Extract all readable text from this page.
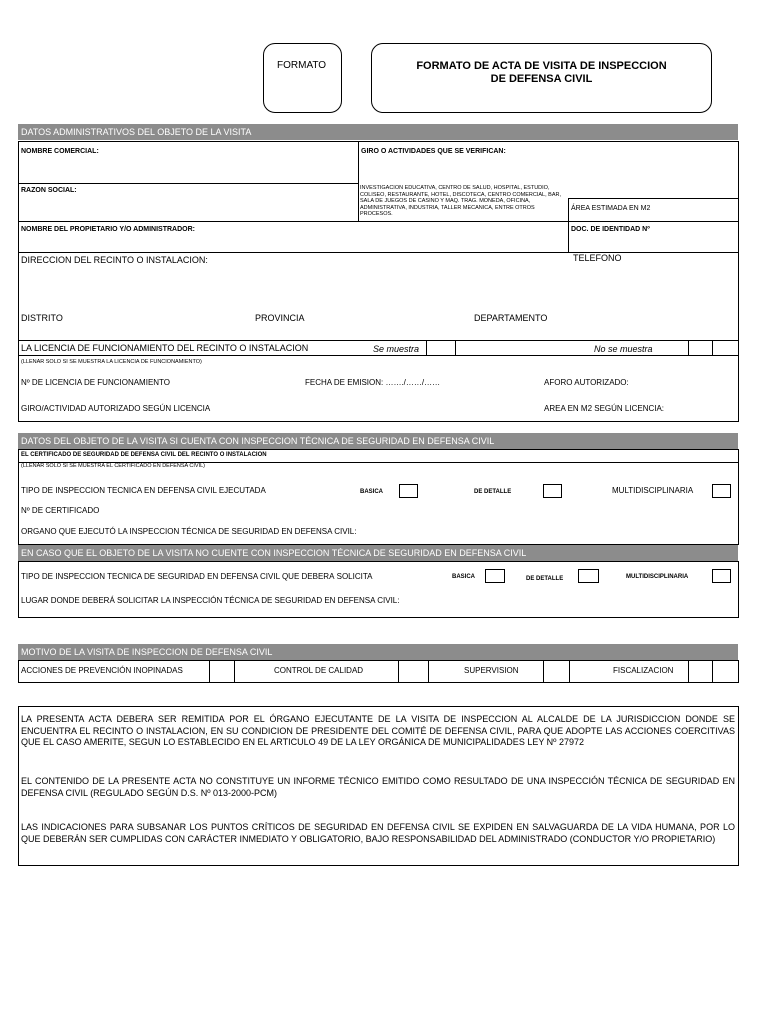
FORMATO	FORMATO DE ACTA DE VISITA DE INSPECCION
DE DEFENSA CIVIL
DATOS ADMINISTRATIVOS DEL OBJETO DE LA VISITA
NOMBRE COMERCIAL:	GIRO O ACTIVIDADES QUE SE VERIFICAN:
RAZON SOCIAL:	INVESTIGACION EDUCATIVA, CENTRO DE SALUD, HOSPITAL, ESTUDIO, COLISEO, RESTAURANTE, HOTEL, DISCOTECA, CENTRO COMERCIAL, BAR, SALA DE JUEGOS DE CASINO Y MAQ. TRAG. MONEDA, OFICINA, ADMINISTRATIVA, INDUSTRIA, TALLER MECANICA, ENTRE OTROS PROCESOS.
ÁREA ESTIMADA EN M2
NOMBRE DEL PROPIETARIO Y/O ADMINISTRADOR:	DOC. DE IDENTIDAD Nº
DIRECCION DEL RECINTO O INSTALACION:	TELEFONO
DISTRITO	PROVINCIA	DEPARTAMENTO
LA LICENCIA DE FUNCIONAMIENTO DEL RECINTO O INSTALACION	Se muestra	No se muestra
(LLENAR SOLO SI SE MUESTRA LA LICENCIA DE FUNCIONAMIENTO)
Nº DE LICENCIA DE FUNCIONAMIENTO	FECHA DE EMISION: ……./……/……	AFORO AUTORIZADO:
GIRO/ACTIVIDAD AUTORIZADO SEGÚN LICENCIA	AREA EN M2 SEGÚN LICENCIA:
DATOS DEL OBJETO DE LA VISITA SI CUENTA CON INSPECCION TÉCNICA DE SEGURIDAD EN DEFENSA CIVIL
EL CERTIFICADO DE SEGURIDAD DE DEFENSA CIVIL DEL RECINTO O INSTALACION
(LLENAR SOLO SI SE MUESTRA EL CERTIFICADO EN DEFENSA CIVIL)
TIPO DE INSPECCION TECNICA EN DEFENSA CIVIL EJECUTADA	BASICA	DE DETALLE	MULTIDISCIPLINARIA
Nº DE CERTIFICADO
ORGANO QUE EJECUTÓ LA INSPECCION TÉCNICA DE SEGURIDAD EN DEFENSA CIVIL:
EN CASO QUE EL OBJETO DE LA VISITA NO CUENTE CON INSPECCION TÉCNICA DE SEGURIDAD EN DEFENSA CIVIL
TIPO DE INSPECCION TECNICA DE SEGURIDAD EN DEFENSA CIVIL QUE DEBERÁ SOLICITA	BASICA	DE DETALLE	MULTIDISCIPLINARIA
LUGAR DONDE DEBERÁ SOLICITAR LA INSPECCIÓN TÉCNICA DE SEGURIDAD EN DEFENSA CIVIL:
MOTIVO DE LA VISITA DE INSPECCION DE DEFENSA CIVIL
ACCIONES DE PREVENCIÓN INOPINADAS	CONTROL DE CALIDAD	SUPERVISION	FISCALIZACION
LA PRESENTA ACTA DEBERA SER REMITIDA POR EL ÓRGANO EJECUTANTE DE LA VISITA DE INSPECCION AL ALCALDE DE LA JURISDICCION DONDE SE ENCUENTRA EL RECINTO O INSTALACION, EN SU CONDICION DE PRESIDENTE DEL COMITÉ DE DEFENSA CIVIL, PARA QUE ADOPTE LAS ACCIONES COERCITIVAS QUE EL CASO AMERITE, SEGUN LO ESTABLECIDO EN EL ARTICULO 49 DE LA LEY ORGÁNICA DE MUNICIPALIDADES LEY Nº 27972
EL CONTENIDO DE LA PRESENTE ACTA NO CONSTITUYE UN INFORME TÉCNICO EMITIDO COMO RESULTADO DE UNA INSPECCIÓN TÉCNICA DE SEGURIDAD EN DEFENSA CIVIL (REGULADO SEGÚN D.S. Nº 013-2000-PCM)
LAS INDICACIONES PARA SUBSANAR LOS PUNTOS CRÍTICOS DE SEGURIDAD EN DEFENSA CIVIL SE EXPIDEN EN SALVAGUARDA DE LA VIDA HUMANA, POR LO QUE DEBERÁN SER CUMPLIDAS CON CARÁCTER INMEDIATO Y OBLIGATORIO, BAJO RESPONSABILIDAD DEL ADMINISTRADO (CONDUCTOR Y/O PROPIETARIO)
